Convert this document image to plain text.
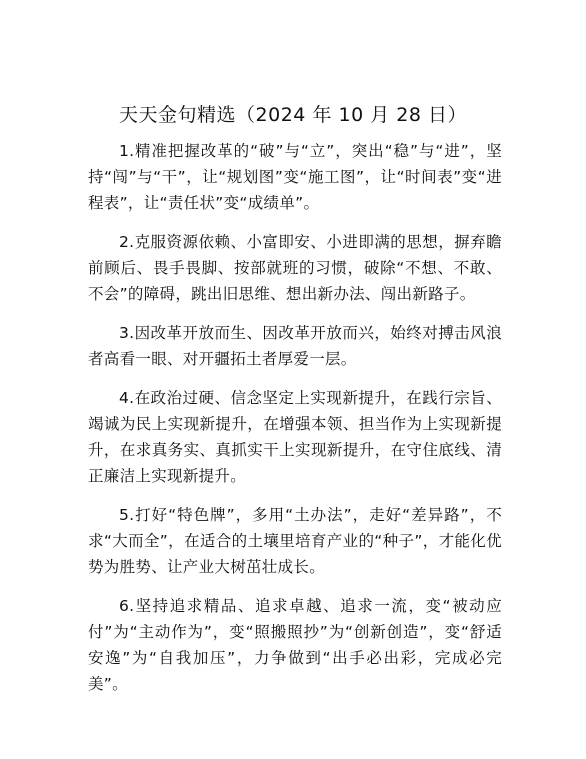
天天金句精选（2024 年 10 月 28 日）

1.精准把握改革的“破”与“立”，突出“稳”与“进”，坚持“闯”与“干”，让“规划图”变“施工图”，让“时间表”变“进程表”，让“责任状”变“成绩单”。

2.克服资源依赖、小富即安、小进即满的思想，摒弃瞻前顾后、畏手畏脚、按部就班的习惯，破除“不想、不敢、不会”的障碍，跳出旧思维、想出新办法、闯出新路子。

3.因改革开放而生、因改革开放而兴，始终对搏击风浪者高看一眼、对开疆拓土者厚爱一层。

4.在政治过硬、信念坚定上实现新提升，在践行宗旨、竭诚为民上实现新提升，在增强本领、担当作为上实现新提升，在求真务实、真抓实干上实现新提升，在守住底线、清正廉洁上实现新提升。

5.打好“特色牌”，多用“土办法”，走好“差异路”，不求“大而全”，在适合的土壤里培育产业的“种子”，才能化优势为胜势、让产业大树茁壮成长。

6.坚持追求精品、追求卓越、追求一流，变“被动应付”为“主动作为”，变“照搬照抄”为“创新创造”，变“舒适安逸”为“自我加压”，力争做到“出手必出彩，完成必完美”。
